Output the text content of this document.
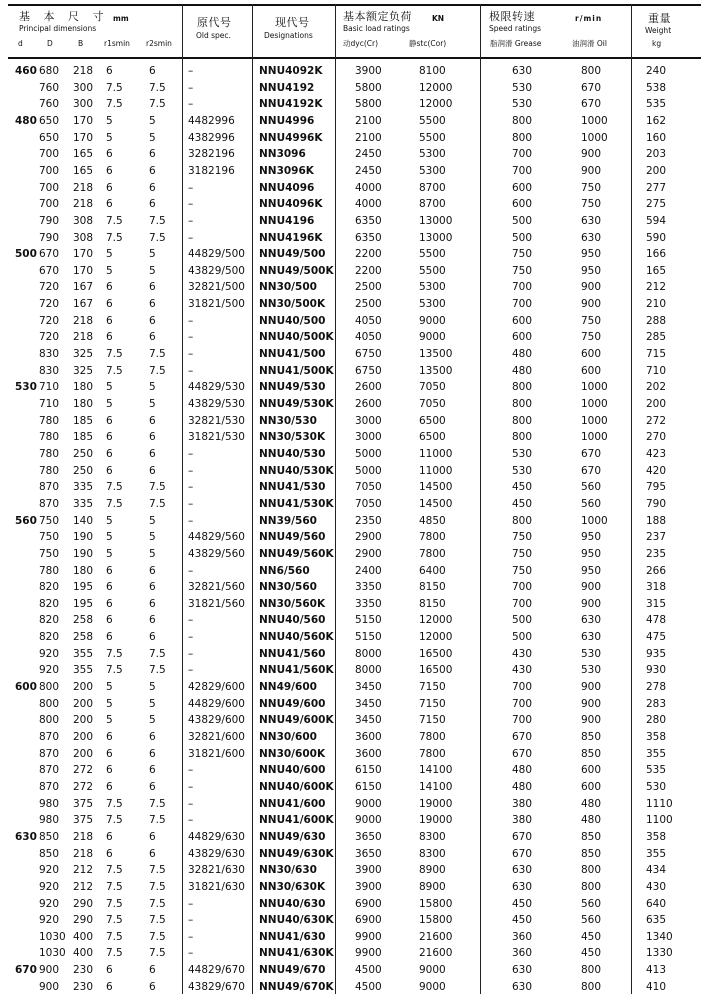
基 本 尺 寸 mm
Principal dimensions
d	D	B	r1smin r2smin
原代号
Old spec.
现代号
Designations
基本额定负荷	KN
Basic load ratings
动dyc(Cr)	静stc(Cor)
极限转速	r/min
Speed ratings
脂润滑 Grease	油润滑 Oil
重量
Weight
kg
460 680 218 6	6	–	NNU4092K	3900	8100	630	800	240
760 300 7.5	7.5 –	NNU4192	5800	12000	530	670	538
760 300 7.5	7.5 –	NNU4192K	5800	12000	530	670	535
480 650 170 5	5	4482996 NNU4996	2100	5500	800	1000	162
650 170 5	5	4382996 NNU4996K	2100	5500	800	1000	160
700 165 6	6	3282196 NN3096	2450	5300	700	900	203
700 165 6	6	3182196 NN3096K	2450	5300	700	900	200
700 218 6	6	–	NNU4096	4000	8700	600	750	277
700 218 6	6	–	NNU4096K	4000	8700	600	750	275
790 308 7.5	7.5 –	NNU4196	6350	13000	500	630	594
790 308 7.5	7.5 –	NNU4196K	6350	13000	500	630	590
500 670 170 5	5	44829/500 NNU49/500	2200	5500	750	950	166
670 170 5	5	43829/500 NNU49/500K 2200	5500	750	950	165
720 167 6	6	32821/500 NN30/500	2500	5300	700	900	212
720 167 6	6	31821/500 NN30/500K	2500	5300	700	900	210
720 218 6	6	–	NNU40/500	4050	9000	600	750	288
720 218 6	6	–	NNU40/500K 4050	9000	600	750	285
830 325 7.5	7.5 –	NNU41/500	6750	13500	480	600	715
830 325 7.5	7.5 –	NNU41/500K 6750	13500	480	600	710
530 710 180 5	5	44829/530 NNU49/530	2600	7050	800	1000	202
710 180 5	5	43829/530 NNU49/530K 2600	7050	800	1000	200
780 185 6	6	32821/530 NN30/530	3000	6500	800	1000	272
780 185 6	6	31821/530 NN30/530K	3000	6500	800	1000	270
780 250 6	6	–	NNU40/530	5000	11000	530	670	423
780 250 6	6	–	NNU40/530K 5000	11000	530	670	420
870 335 7.5	7.5 –	NNU41/530	7050	14500	450	560	795
870 335 7.5	7.5 –	NNU41/530K 7050	14500	450	560	790
560 750 140 5	5	–	NN39/560	2350	4850	800	1000	188
750 190 5	5	44829/560 NNU49/560	2900	7800	750	950	237
750 190 5	5	43829/560 NNU49/560K 2900	7800	750	950	235
780 180 6	6	–	NN6/560	2400	6400	750	950	266
820 195 6	6	32821/560 NN30/560	3350	8150	700	900	318
820 195 6	6	31821/560 NN30/560K	3350	8150	700	900	315
820 258 6	6	–	NNU40/560	5150	12000	500	630	478
820 258 6	6	–	NNU40/560K 5150	12000	500	630	475
920 355 7.5	7.5 –	NNU41/560	8000	16500	430	530	935
920 355 7.5	7.5 –	NNU41/560K 8000	16500	430	530	930
600 800 200 5	5	42829/600 NN49/600	3450	7150	700	900	278
800 200 5	5	44829/600 NNU49/600	3450	7150	700	900	283
800 200 5	5	43829/600 NNU49/600K 3450	7150	700	900	280
870 200 6	6	32821/600 NN30/600	3600	7800	670	850	358
870 200 6	6	31821/600 NN30/600K	3600	7800	670	850	355
870 272 6	6	–	NNU40/600	6150	14100	480	600	535
870 272 6	6	–	NNU40/600K 6150	14100	480	600	530
980 375 7.5	7.5 –	NNU41/600	9000	19000	380	480	1110
980 375 7.5	7.5 –	NNU41/600K 9000	19000	380	480	1100
630 850 218 6	6	44829/630 NNU49/630	3650	8300	670	850	358
850 218 6	6	43829/630 NNU49/630K 3650	8300	670	850	355
920 212 7.5	7.5 32821/630 NN30/630	3900	8900	630	800	434
920 212 7.5	7.5 31821/630 NN30/630K	3900	8900	630	800	430
920 290 7.5	7.5 –	NNU40/630	6900	15800	450	560	640
920 290 7.5	7.5 –	NNU40/630K 6900	15800	450	560	635
1030 400 7.5	7.5 –	NNU41/630	9900	21600	360	450	1340
1030 400 7.5	7.5 –	NNU41/630K 9900	21600	360	450	1330
670 900 230 6	6	44829/670 NNU49/670	4500	9000	630	800	413
900 230 6	6	43829/670 NNU49/670K 4500	9000	630	800	410
